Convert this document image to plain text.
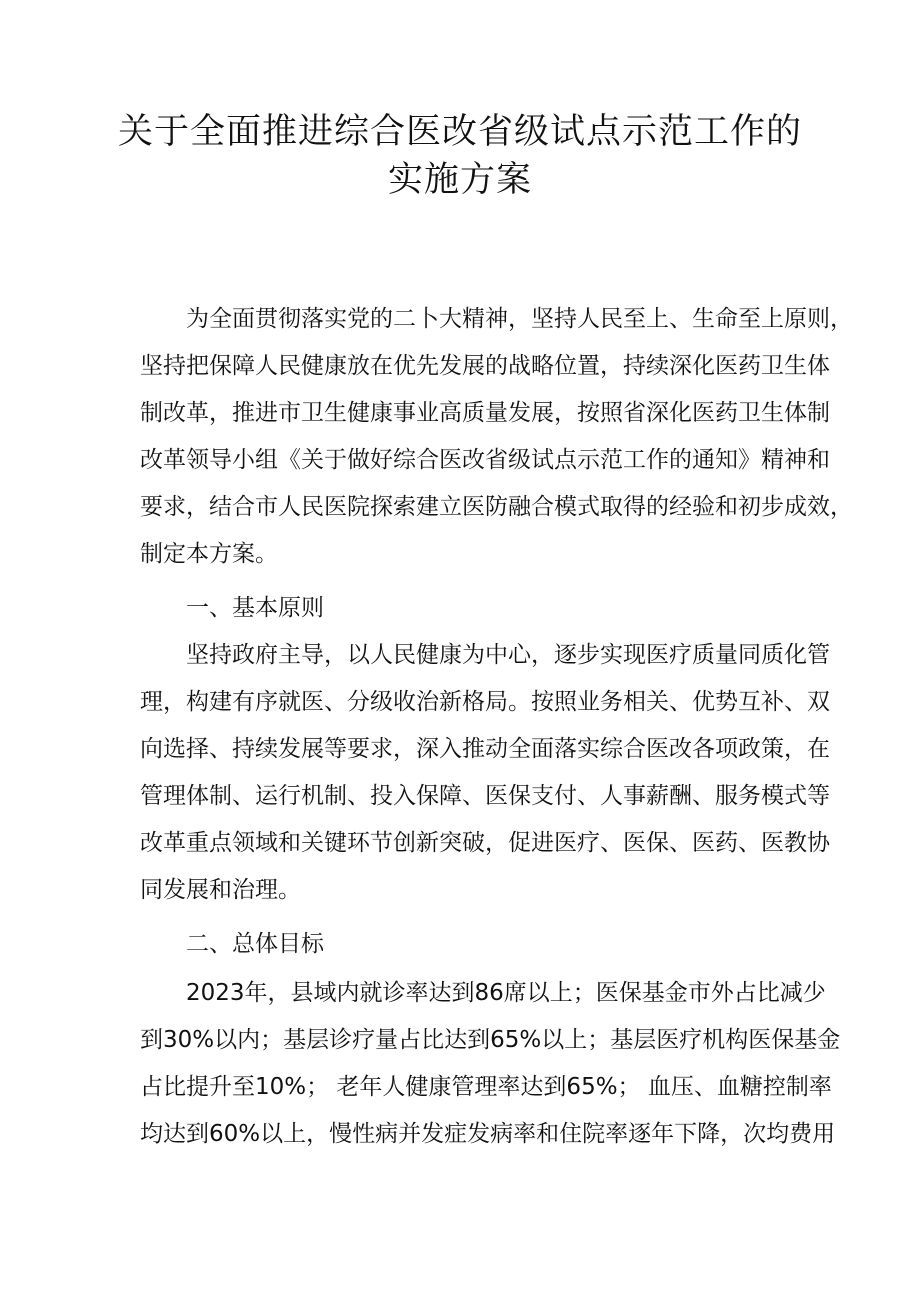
关于全面推进综合医改省级试点示范工作的
实施方案
为全面贯彻落实党的二卜大精神，坚持人民至上、生命至上原则，
坚持把保障人民健康放在优先发展的战略位置，持续深化医药卫生体
制改革，推进市卫生健康事业高质量发展，按照省深化医药卫生体制
改革领导小组《关于做好综合医改省级试点示范工作的通知》精神和
要求，结合市人民医院探索建立医防融合模式取得的经验和初步成效，
制定本方案。
一、基本原则
坚持政府主导，以人民健康为中心，逐步实现医疗质量同质化管
理，构建有序就医、分级收治新格局。按照业务相关、优势互补、双
向选择、持续发展等要求，深入推动全面落实综合医改各项政策，在
管理体制、运行机制、投入保障、医保支付、人事薪酬、服务模式等
改革重点领域和关键环节创新突破，促进医疗、医保、医药、医教协
同发展和治理。
二、总体目标
2023年，县域内就诊率达到86席以上；医保基金市外占比减少
到30%以内；基层诊疗量占比达到65%以上；基层医疗机构医保基金
占比提升至10%； 老年人健康管理率达到65%； 血压、血糖控制率
均达到60%以上，慢性病并发症发病率和住院率逐年下降，次均费用
